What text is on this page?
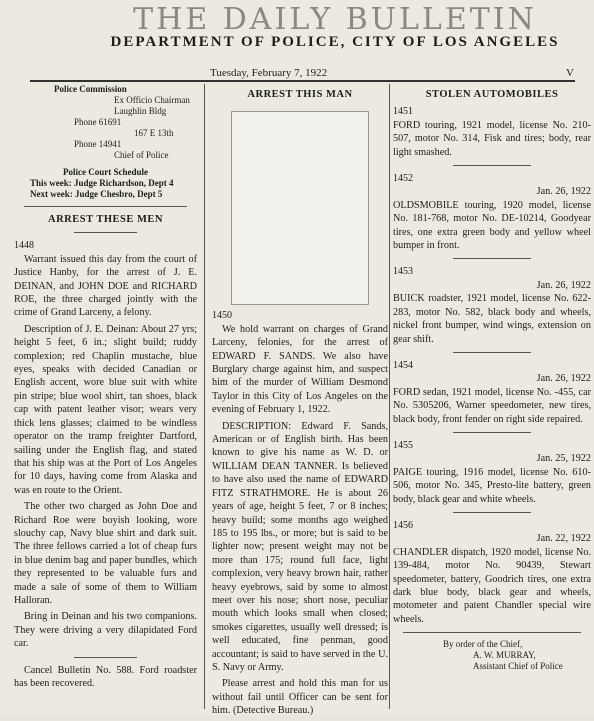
THE DAILY BULLETIN
DEPARTMENT OF POLICE, CITY OF LOS ANGELES
Tuesday, February 7, 1922	V
Police Commission
Ex Officio Chairman
Laughlin Bldg
Phone 61691
167 E 13th
Phone 14941
Chief of Police
Police Court Schedule
This week: Judge Richardson, Dept 4
Next week: Judge Chesbro, Dept 5
ARREST THESE MEN
1448

Warrant issued this day from the court of Justice Hanby, for the arrest of J. E. DEINAN, and JOHN DOE and RICHARD ROE, the three charged jointly with the crime of Grand Larceny, a felony.

Description of J. E. Deinan: About 27 yrs; height 5 feet, 6 in.; slight build; ruddy complexion; red Chaplin mustache, blue eyes, speaks with decided Canadian or English accent, wore blue suit with white pin stripe; blue wool shirt, tan shoes, black cap with patent leather visor; wears very thick lens glasses; claimed to be windless operator on the tramp freighter Dartford, sailing under the English flag, and stated that his ship was at the Port of Los Angeles for 10 days, having come from Alaska and was en route to the Orient.

The other two charged as John Doe and Richard Roe were boyish looking, wore slouchy cap, Navy blue shirt and dark suit. The three fellows carried a lot of cheap furs in blue denim bag and paper bundles, which they represented to be valuable furs and made a sale of some of them to William Halloran.

Bring in Deinan and his two companions. They were driving a very dilapidated Ford car.

Cancel Bulletin No. 588. Ford roadster has been recovered.

ARREST THIS MAN
1450

We hold warrant on charges of Grand Larceny, felonies, for the arrest of EDWARD F. SANDS. We also have Burglary charge against him, and suspect him of the murder of William Desmond Taylor in this City of Los Angeles on the evening of February 1, 1922.

DESCRIPTION: Edward F. Sands, American or of English birth. Has been known to give his name as W. D. or WILLIAM DEAN TANNER. Is believed to have also used the name of EDWARD FITZ STRATHMORE. He is about 26 years of age, height 5 feet, 7 or 8 inches; heavy build; some months ago weighed 185 to 195 lbs., or more; but is said to be lighter now; present weight may not be more than 175; round full face, light complexion, very heavy brown hair, rather heavy eyebrows, said by some to almost meet over his nose; short nose, peculiar mouth which looks small when closed; smokes cigarettes, usually well dressed; is well educated, fine penman, good accountant; is said to have served in the U. S. Navy or Army.

Please arrest and hold this man for us without fail until Officer can be sent for him. (Detective Bureau.)

STOLEN AUTOMOBILES
1451

FORD touring, 1921 model, license No. 210-507, motor No. 314, Fisk and tires; body, rear light smashed.

1452
Jan. 26, 1922

OLDSMOBILE touring, 1920 model, license No. 181-768, motor No. DE-10214, Goodyear tires, one extra green body and yellow wheel bumper in front.

1453
Jan. 26, 1922

BUICK roadster, 1921 model, license No. 622-283, motor No. 582, black body and wheels, nickel front bumper, wind wings, extension on gear shift.

1454
Jan. 26, 1922

FORD sedan, 1921 model, license No. -455, car No. 5305206, Warner speedometer, new tires, black body, front fender on right side repaired.

1455
Jan. 25, 1922

PAIGE touring, 1916 model, license No. 610-506, motor No. 345, Presto-lite battery, green body, black gear and white wheels.

1456
Jan. 22, 1922

CHANDLER dispatch, 1920 model, license No. 139-484, motor No. 90439, Stewart speedometer, battery, Goodrich tires, one extra dark blue body, black gear and wheels, motometer and patent Chandler special wire wheels.

By order of the Chief,
A. W. MURRAY,
Assistant Chief of Police
